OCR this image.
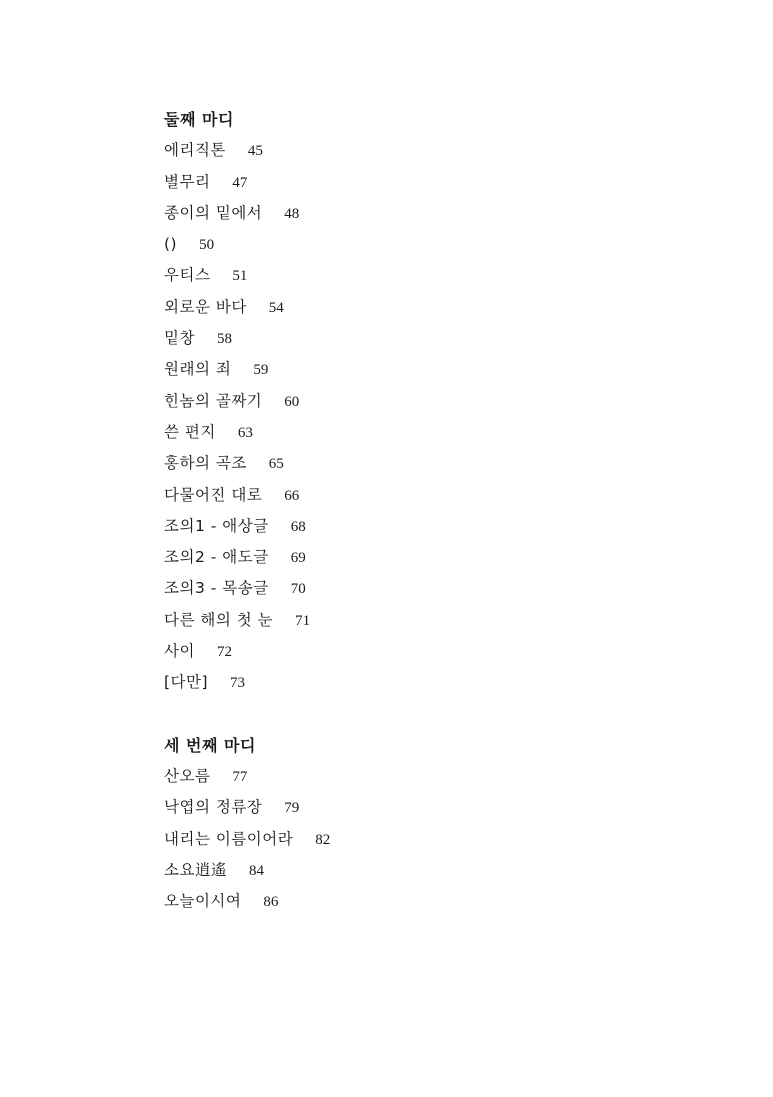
둘째 마디
에리직톤 45
별무리 47
종이의 밑에서 48
() 50
우티스 51
외로운 바다 54
밑창 58
원래의 죄 59
힌놈의 골짜기 60
쓴 편지 63
홍하의 곡조 65
다물어진 대로 66
조의1 - 애상글 68
조의2 - 애도글 69
조의3 - 목송글 70
다른 해의 첫 눈 71
사이 72
[다만] 73
세 번째 마디
산오름 77
낙엽의 정류장 79
내리는 이름이어라 82
소요逍遙 84
오늘이시여 86
